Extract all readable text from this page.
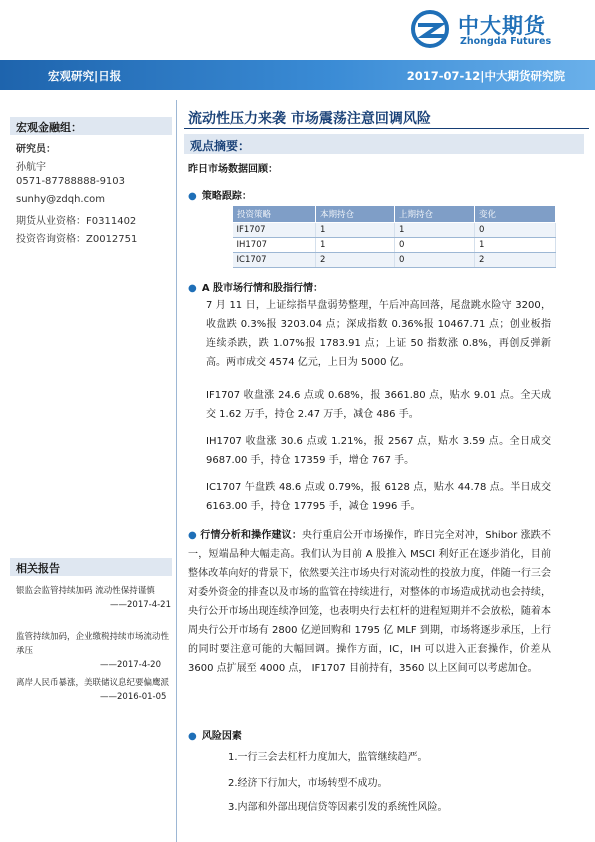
中大期货
Zhongda Futures
宏观研究|日报	2017-07-12|中大期货研究院
宏观金融组：
研究员：
孙航宇
0571-87788888-9103
sunhy@zdqh.com
期货从业资格：F0311402
投资咨询资格：Z0012751
相关报告
银监会监管持续加码 流动性保持谨慎
——2017-4-21
监管持续加码，企业缴税持续市场流动性承压
——2017-4-20
离岸人民币暴涨，美联储议息纪要偏鹰派
——2016-01-05
流动性压力来袭 市场震荡注意回调风险
观点摘要：
昨日市场数据回顾：
● 策略跟踪：
投资策略	本期持仓	上期持仓	变化
IF1707	1	1	0
IH1707	1	0	1
IC1707	2	0	2
● A 股市场行情和股指行情：
7 月 11 日，上证综指早盘弱势整理，午后冲高回落，尾盘跳水险守 3200，收盘跌 0.3%报 3203.04 点；深成指数 0.36%报 10467.71 点；创业板指连续杀跌，跌 1.07%报 1783.91 点；上证 50 指数涨 0.8%，再创反弹新高。两市成交 4574 亿元，上日为 5000 亿。
IF1707 收盘涨 24.6 点或 0.68%，报 3661.80 点，贴水 9.01 点。全天成交 1.62 万手，持仓 2.47 万手，减仓 486 手。
IH1707 收盘涨 30.6 点或 1.21%，报 2567 点，贴水 3.59 点。全日成交 9687.00 手，持仓 17359 手，增仓 767 手。
IC1707 午盘跌 48.6 点或 0.79%，报 6128 点，贴水 44.78 点。半日成交 6163.00 手，持仓 17795 手，减仓 1996 手。
● 行情分析和操作建议：央行重启公开市场操作，昨日完全对冲，Shibor 涨跌不一，短端品种大幅走高。我们认为目前 A 股推入 MSCI 利好正在逐步消化，目前整体改革向好的背景下，依然要关注市场央行对流动性的投放力度，伴随一行三会对委外资金的排查以及市场的监管在持续进行，对整体的市场造成扰动也会持续，央行公开市场出现连续净回笼，也表明央行去杠杆的进程短期并不会放松，随着本周央行公开市场有 2800 亿逆回购和 1795 亿 MLF 到期，市场将逐步承压，上行的同时要注意可能的大幅回调。操作方面，IC，IH 可以进入正套操作，价差从 3600 点扩展至 4000 点， IF1707 目前持有，3560 以上区间可以考虑加仓。
● 风险因素
1.一行三会去杠杆力度加大，监管继续趋严。
2.经济下行加大，市场转型不成功。
3.内部和外部出现信贷等因素引发的系统性风险。
